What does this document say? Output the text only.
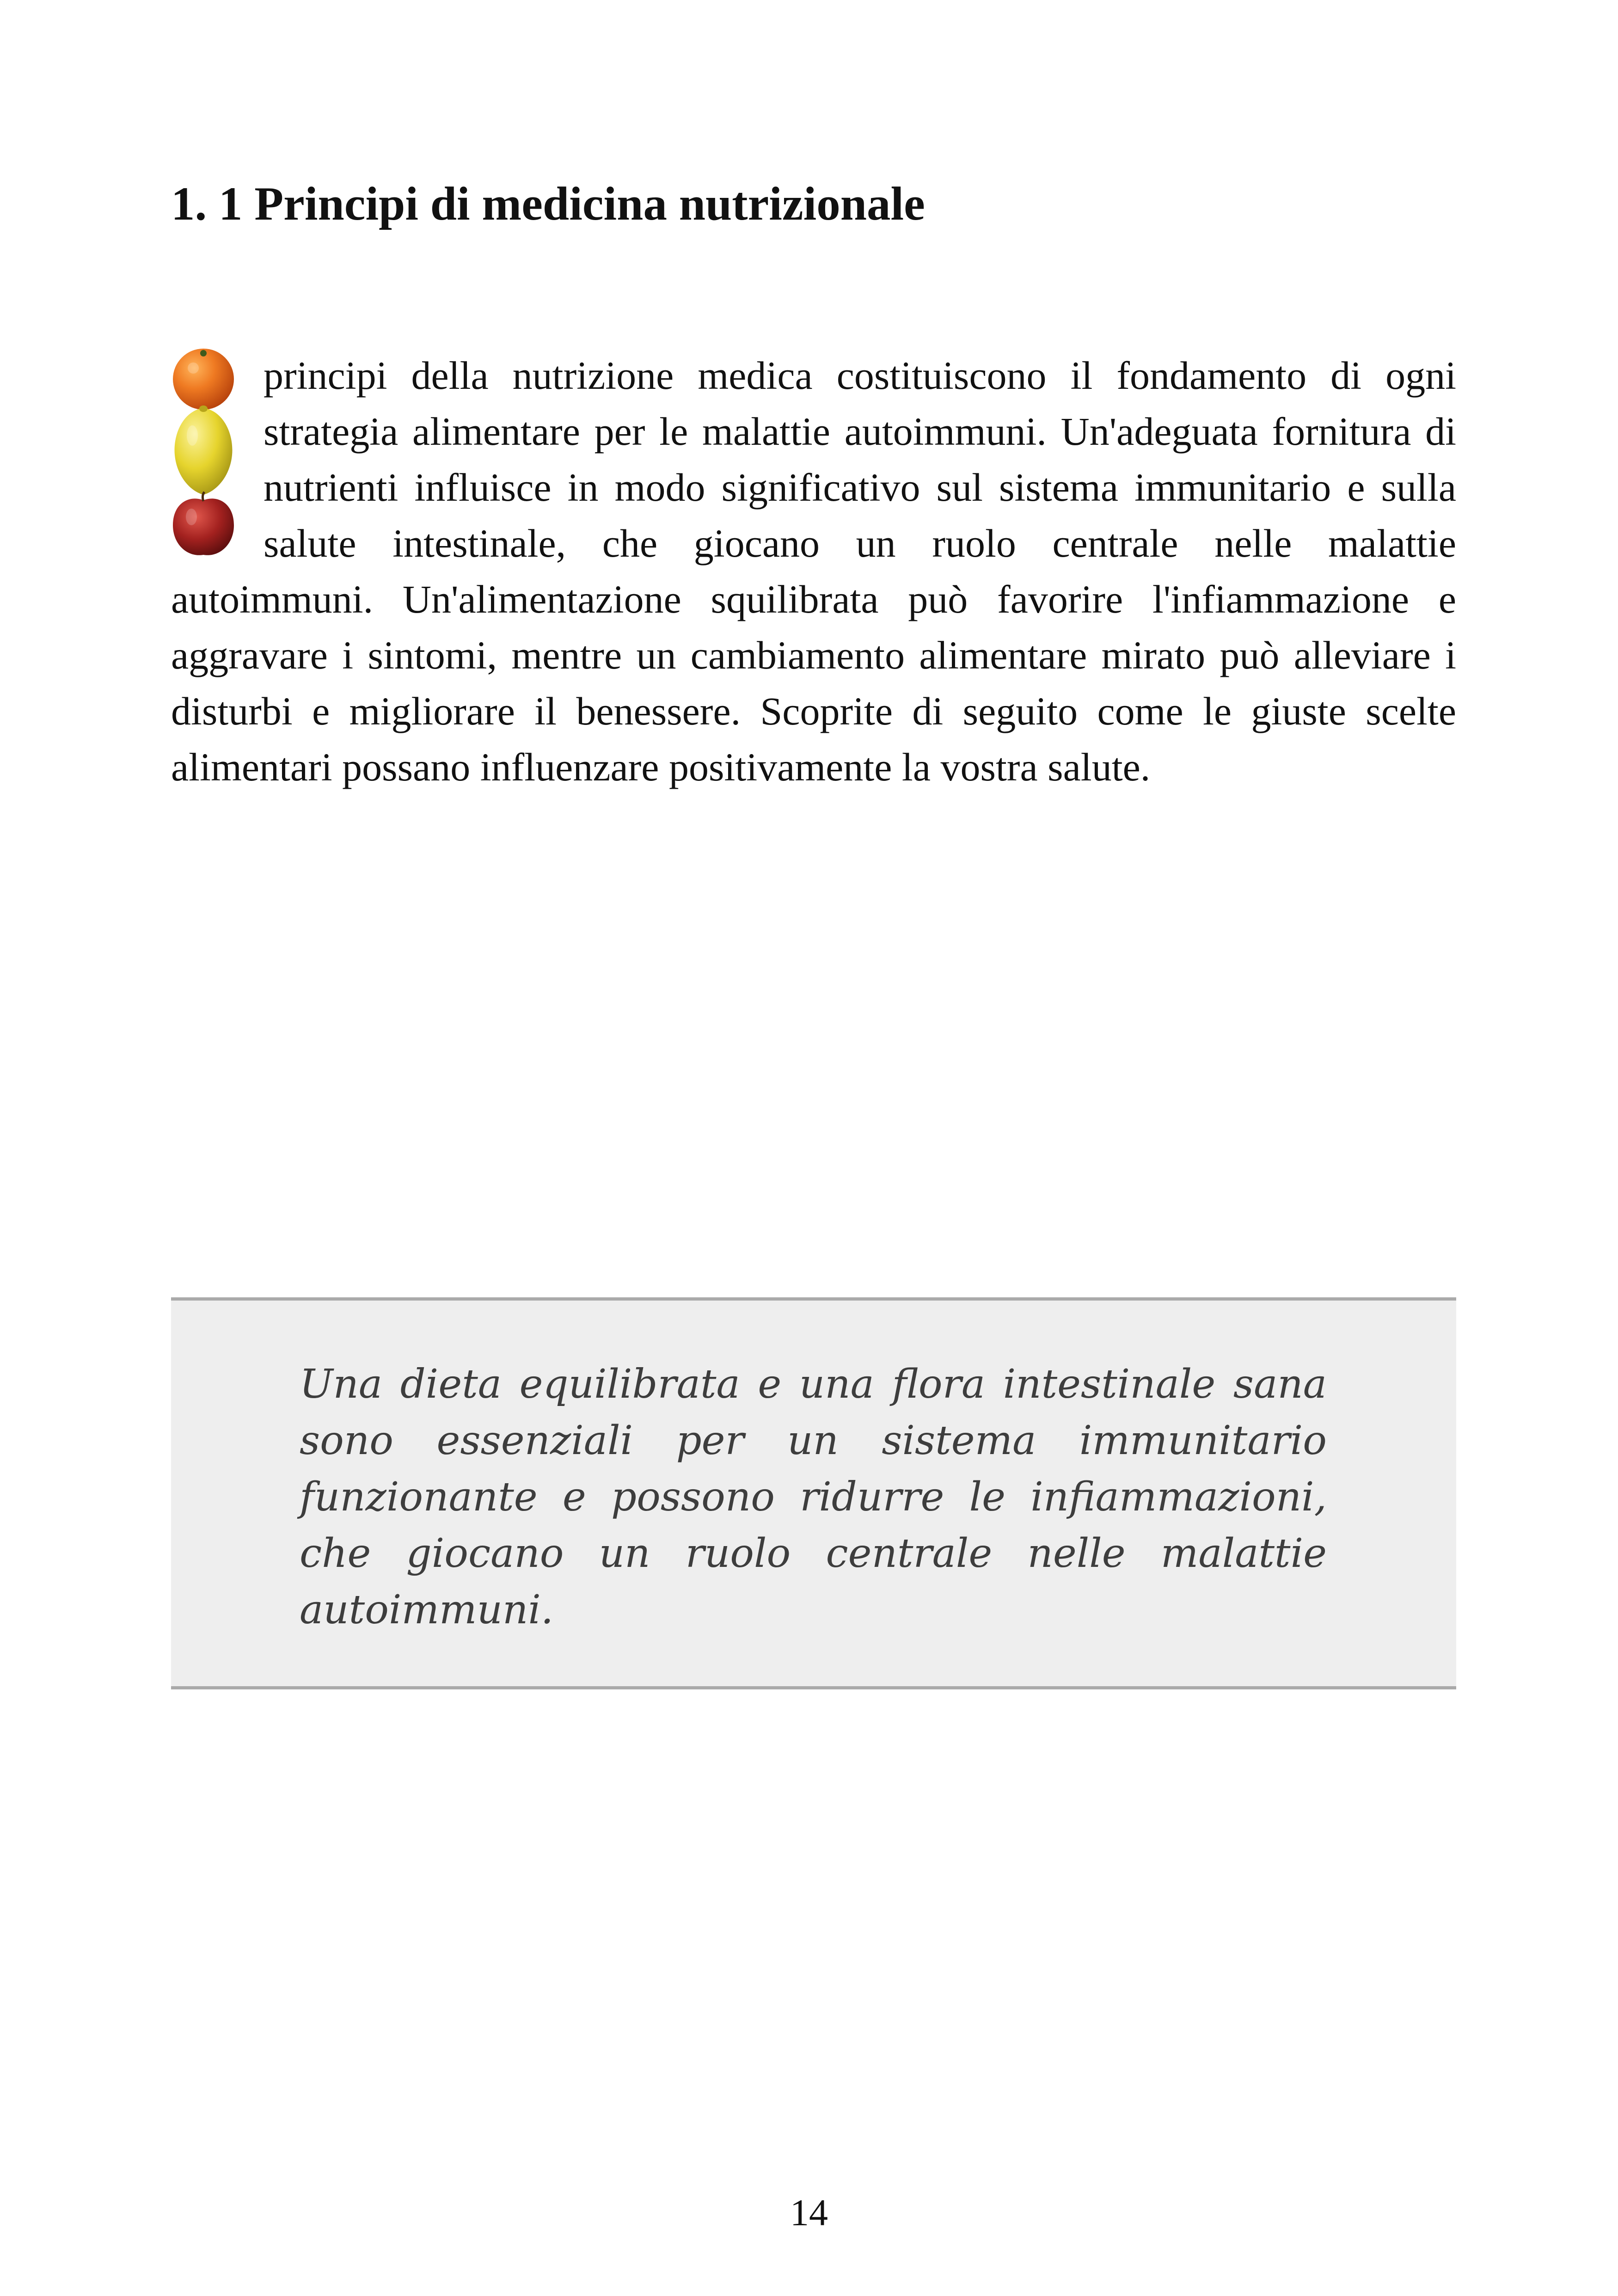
1. 1 Principi di medicina nutrizionale

principi della nutrizione medica costituiscono il fondamento di ogni strategia alimentare per le malattie autoimmuni. Un'adeguata fornitura di nutrienti influisce in modo significativo sul sistema immunitario e sulla salute intestinale, che giocano un ruolo centrale nelle malattie autoimmuni. Un'alimentazione squilibrata può favorire l'infiammazione e aggravare i sintomi, mentre un cambiamento alimentare mirato può alleviare i disturbi e migliorare il benessere. Scoprite di seguito come le giuste scelte alimentari possano influenzare positivamente la vostra salute.

Una dieta equilibrata e una flora intestinale sana sono essenziali per un sistema immunitario funzionante e possono ridurre le infiammazioni, che giocano un ruolo centrale nelle malattie autoimmuni.

14
